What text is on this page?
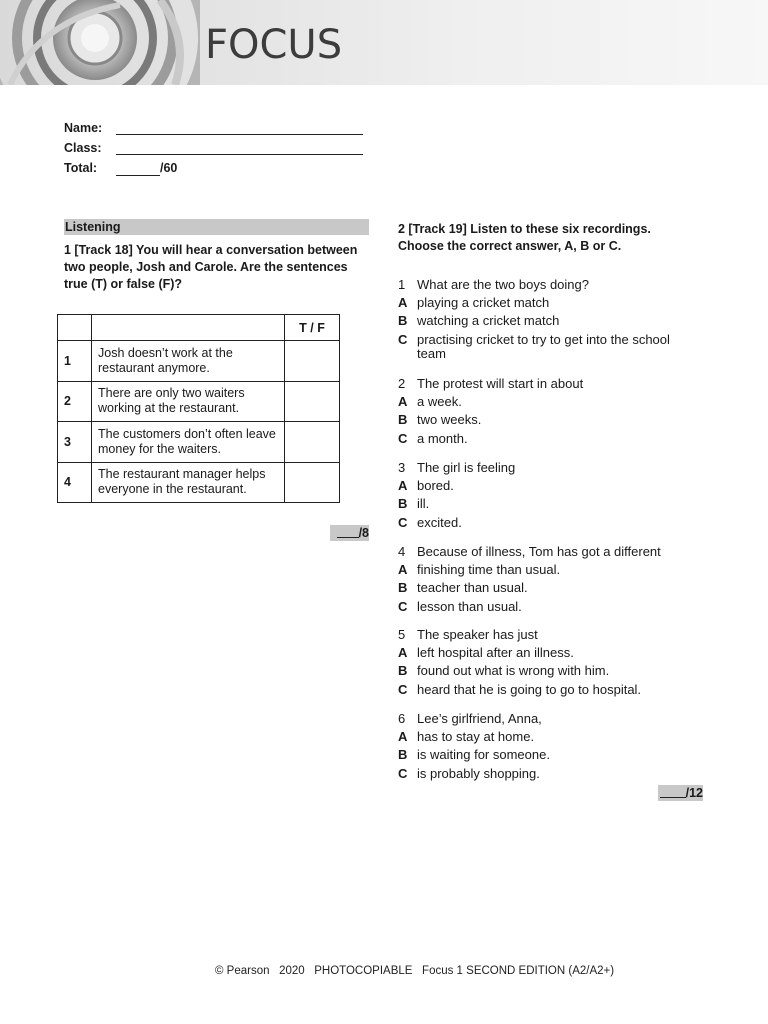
FOCUS
Name:
Class:
Total:	/60
Listening
1 [Track 18] You will hear a conversation between two people, Josh and Carole. Are the sentences true (T) or false (F)?
		T / F
1	Josh doesn’t work at the restaurant anymore.	
2	There are only two waiters working at the restaurant.	
3	The customers don’t often leave money for the waiters.	
4	The restaurant manager helps everyone in the restaurant.	
/8
2 [Track 19] Listen to these six recordings. Choose the correct answer, A, B or C.
1 What are the two boys doing?
A playing a cricket match
B watching a cricket match
C practising cricket to try to get into the school team
2 The protest will start in about
A a week.
B two weeks.
C a month.
3 The girl is feeling
A bored.
B ill.
C excited.
4 Because of illness, Tom has got a different
A finishing time than usual.
B teacher than usual.
C lesson than usual.
5 The speaker has just
A left hospital after an illness.
B found out what is wrong with him.
C heard that he is going to go to hospital.
6 Lee’s girlfriend, Anna,
A has to stay at home.
B is waiting for someone.
C is probably shopping.
/12
© Pearson   2020   PHOTOCOPIABLE   Focus 1 SECOND EDITION (A2/A2+)
